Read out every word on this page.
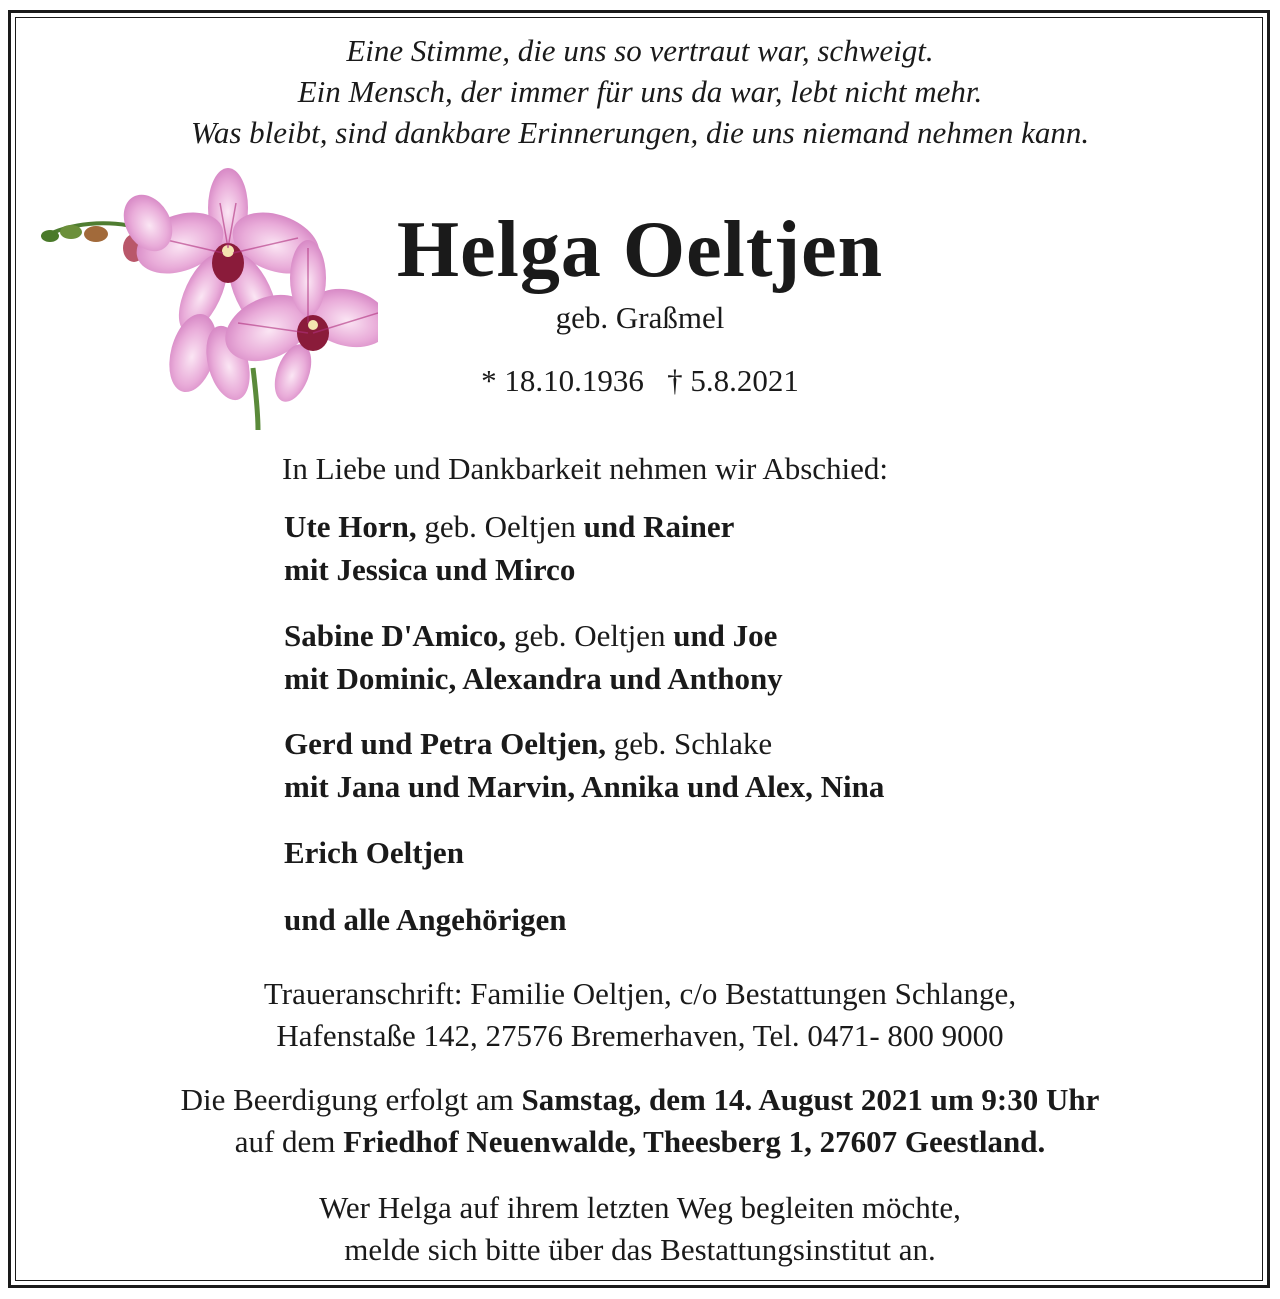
Eine Stimme, die uns so vertraut war, schweigt.
Ein Mensch, der immer für uns da war, lebt nicht mehr.
Was bleibt, sind dankbare Erinnerungen, die uns niemand nehmen kann.
Helga Oeltjen
geb. Graßmel
* 18.10.1936 † 5.8.2021
In Liebe und Dankbarkeit nehmen wir Abschied:
Ute Horn, geb. Oeltjen und Rainer
mit Jessica und Mirco
Sabine D'Amico, geb. Oeltjen und Joe
mit Dominic, Alexandra und Anthony
Gerd und Petra Oeltjen, geb. Schlake
mit Jana und Marvin, Annika und Alex, Nina
Erich Oeltjen
und alle Angehörigen
Traueranschrift: Familie Oeltjen, c/o Bestattungen Schlange,
Hafenstaße 142, 27576 Bremerhaven, Tel. 0471- 800 9000
Die Beerdigung erfolgt am Samstag, dem 14. August 2021 um 9:30 Uhr
auf dem Friedhof Neuenwalde, Theesberg 1, 27607 Geestland.
Wer Helga auf ihrem letzten Weg begleiten möchte,
melde sich bitte über das Bestattungsinstitut an.
